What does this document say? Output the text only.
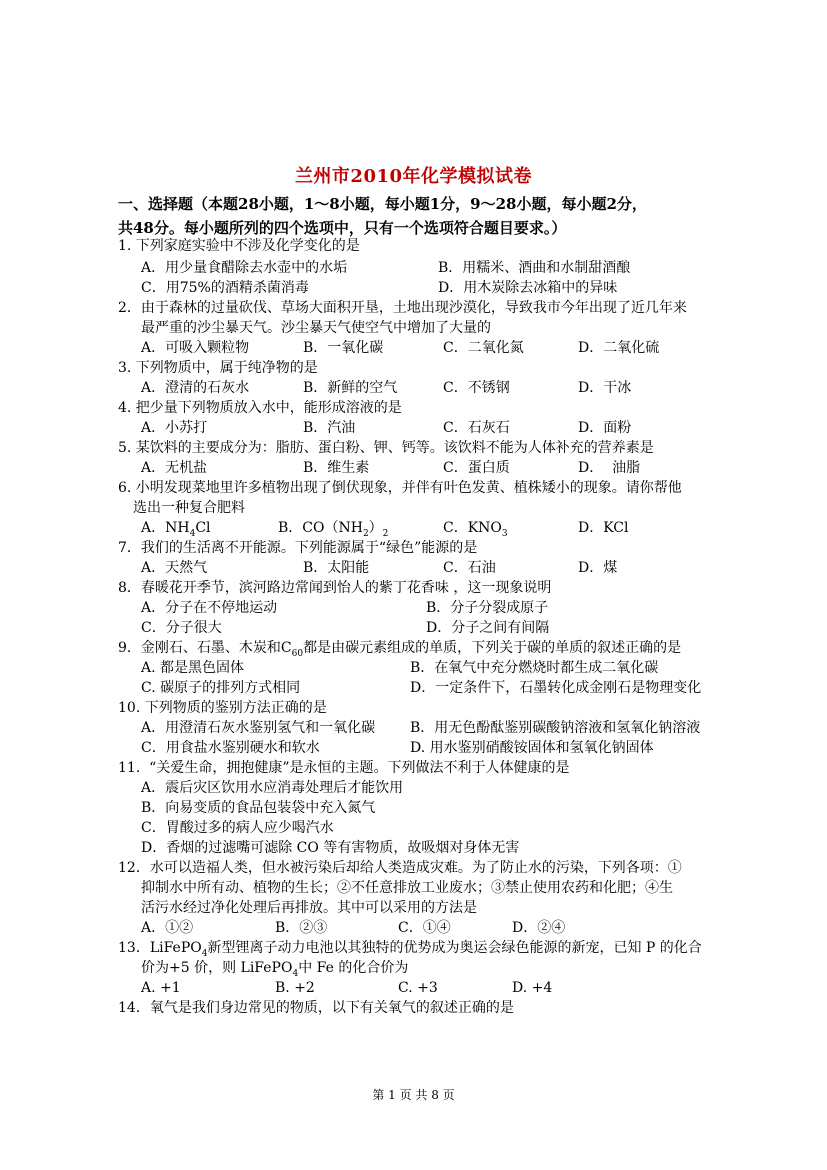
兰州市2010年化学模拟试卷
一、选择题（本题28小题，1～8小题，每小题1分，9～28小题，每小题2分，
共48分。每小题所列的四个选项中，只有一个选项符合题目要求。）
1. 下列家庭实验中不涉及化学变化的是
A．用少量食醋除去水壶中的水垢	B．用糯米、酒曲和水制甜酒酿
C．用75%的酒精杀菌消毒	D．用木炭除去冰箱中的异味
2．由于森林的过量砍伐、草场大面积开垦，土地出现沙漠化，导致我市今年出现了近几年来
最严重的沙尘暴天气。沙尘暴天气使空气中增加了大量的
A．可吸入颗粒物	B．一氧化碳	C．二氧化氮	D．二氧化硫
3. 下列物质中，属于纯净物的是
A．澄清的石灰水	B．新鲜的空气	C．不锈钢	D．干冰
4. 把少量下列物质放入水中，能形成溶液的是
A．小苏打	B．汽油	C．石灰石	D．面粉
5. 某饮料的主要成分为：脂肪、蛋白粉、钾、钙等。该饮料不能为人体补充的营养素是
A．无机盐	B．维生素	C．蛋白质	D．  油脂
6. 小明发现菜地里许多植物出现了倒伏现象，并伴有叶色发黄、植株矮小的现象。请你帮他
选出一种复合肥料
A．$NH_4Cl$	B．$CO(NH_2)_2$	C．$KNO_3$	D．KCl
7．我们的生活离不开能源。下列能源属于“绿色”能源的是
A．天然气	B．太阳能	C．石油	D．煤
8．春暖花开季节，滨河路边常闻到怡人的紫丁花香味 ，这一现象说明
A．分子在不停地运动	B．分子分裂成原子
C．分子很大	D．分子之间有间隔
9．金刚石、石墨、木炭和$C_{60}$都是由碳元素组成的单质，下列关于碳的单质的叙述正确的是
A. 都是黑色固体	B．在氧气中充分燃烧时都生成二氧化碳
C. 碳原子的排列方式相同	D．一定条件下，石墨转化成金刚石是物理变化
10. 下列物质的鉴别方法正确的是
A．用澄清石灰水鉴别氢气和一氧化碳 B．用无色酚酞鉴别碳酸钠溶液和氢氧化钠溶液
C．用食盐水鉴别硬水和软水	D. 用水鉴别硝酸铵固体和氢氧化钠固体
11.  “关爱生命，拥抱健康”是永恒的主题。下列做法不利于人体健康的是
A．震后灾区饮用水应消毒处理后才能饮用
B．向易变质的食品包装袋中充入氮气
C．胃酸过多的病人应少喝汽水
D．香烟的过滤嘴可滤除 CO 等有害物质，故吸烟对身体无害
12．水可以造福人类，但水被污染后却给人类造成灾难。为了防止水的污染，下列各项：①
抑制水中所有动、植物的生长；②不任意排放工业废水；③禁止使用农药和化肥；④生
活污水经过净化处理后再排放。其中可以采用的方法是
A．①②	B．②③	C．①④	D．②④
13．LiFePO$_4$新型锂离子动力电池以其独特的优势成为奥运会绿色能源的新宠，已知 P 的化合
价为+5 价，则 LiFePO$_4$中 Fe 的化合价为
A. +1	B. +2	C. +3	D. +4
14．氧气是我们身边常见的物质，以下有关氧气的叙述正确的是
第 1 页 共 8 页
